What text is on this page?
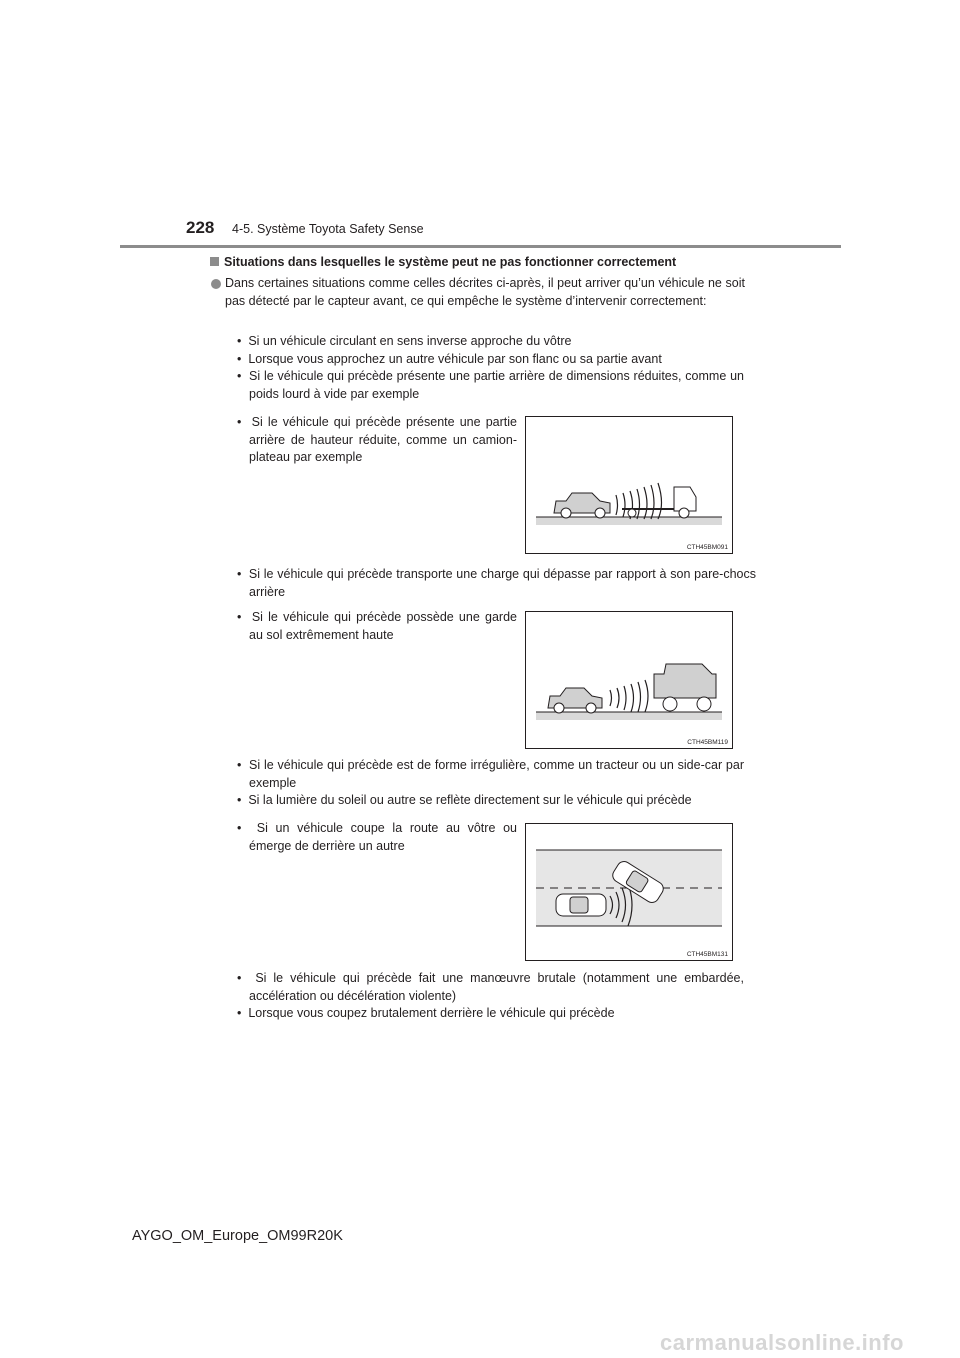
228 4-5. Système Toyota Safety Sense
Situations dans lesquelles le système peut ne pas fonctionner correctement
Dans certaines situations comme celles décrites ci-après, il peut arriver qu’un véhicule ne soit pas détecté par le capteur avant, ce qui empêche le système d’intervenir correctement:
•  Si un véhicule circulant en sens inverse approche du vôtre
•  Lorsque vous approchez un autre véhicule par son flanc ou sa partie avant
•  Si le véhicule qui précède présente une partie arrière de dimensions réduites, comme un poids lourd à vide par exemple
•  Si le véhicule qui précède présente une partie arrière de hauteur réduite, comme un camion-plateau par exemple
CTH45BM091
•  Si le véhicule qui précède transporte une charge qui dépasse par rapport à son pare-chocs arrière
•  Si le véhicule qui précède possède une garde au sol extrêmement haute
CTH45BM119
•  Si le véhicule qui précède est de forme irrégulière, comme un tracteur ou un side-car par exemple
•  Si la lumière du soleil ou autre se reflète directement sur le véhicule qui précède
•  Si un véhicule coupe la route au vôtre ou émerge de derrière un autre
CTH45BM131
•  Si le véhicule qui précède fait une manœuvre brutale (notamment une embardée, accélération ou décélération violente)
•  Lorsque vous coupez brutalement derrière le véhicule qui précède
AYGO_OM_Europe_OM99R20K
carmanualsonline.info
